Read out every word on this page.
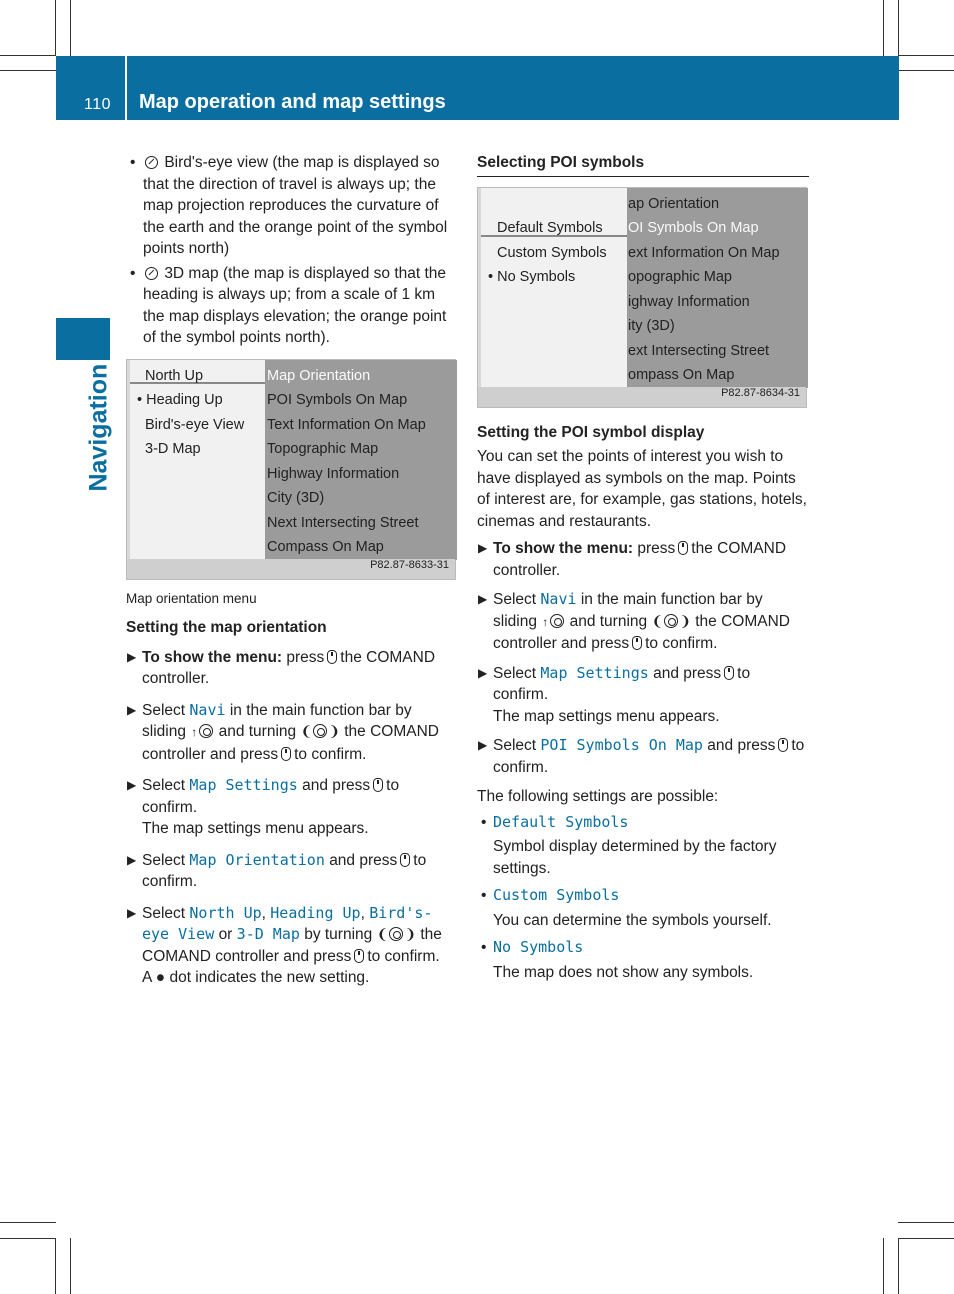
110 Map operation and map settings
Navigation
• Bird's-eye view (the map is displayed so that the direction of travel is always up; the map projection reproduces the curvature of the earth and the orange point of the symbol points north)
• 3D map (the map is displayed so that the heading is always up; from a scale of 1 km the map displays elevation; the orange point of the symbol points north).
North Up
• Heading Up
Bird's-eye View
3-D Map
Map Orientation
POI Symbols On Map
Text Information On Map
Topographic Map
Highway Information
City (3D)
Next Intersecting Street
Compass On Map
P82.87-8633-31
Map orientation menu
Setting the map orientation
▶ To show the menu: press the COMAND controller.
▶ Select Navi in the main function bar by sliding ↑ and turning ❨ ❩ the COMAND controller and press to confirm.
▶ Select Map Settings and press to confirm.
The map settings menu appears.
▶ Select Map Orientation and press to confirm.
▶ Select North Up, Heading Up, Bird's-eye View or 3-D Map by turning ❨ ❩ the COMAND controller and press to confirm.
A ● dot indicates the new setting.
Selecting POI symbols
Default Symbols
Custom Symbols
• No Symbols
ap Orientation
OI Symbols On Map
ext Information On Map
opographic Map
ighway Information
ity (3D)
ext Intersecting Street
ompass On Map
P82.87-8634-31
Setting the POI symbol display
You can set the points of interest you wish to have displayed as symbols on the map. Points of interest are, for example, gas stations, hotels, cinemas and restaurants.
▶ To show the menu: press the COMAND controller.
▶ Select Navi in the main function bar by sliding ↑ and turning ❨ ❩ the COMAND controller and press to confirm.
▶ Select Map Settings and press to confirm.
The map settings menu appears.
▶ Select POI Symbols On Map and press to confirm.
The following settings are possible:
• Default Symbols
Symbol display determined by the factory settings.
• Custom Symbols
You can determine the symbols yourself.
• No Symbols
The map does not show any symbols.
